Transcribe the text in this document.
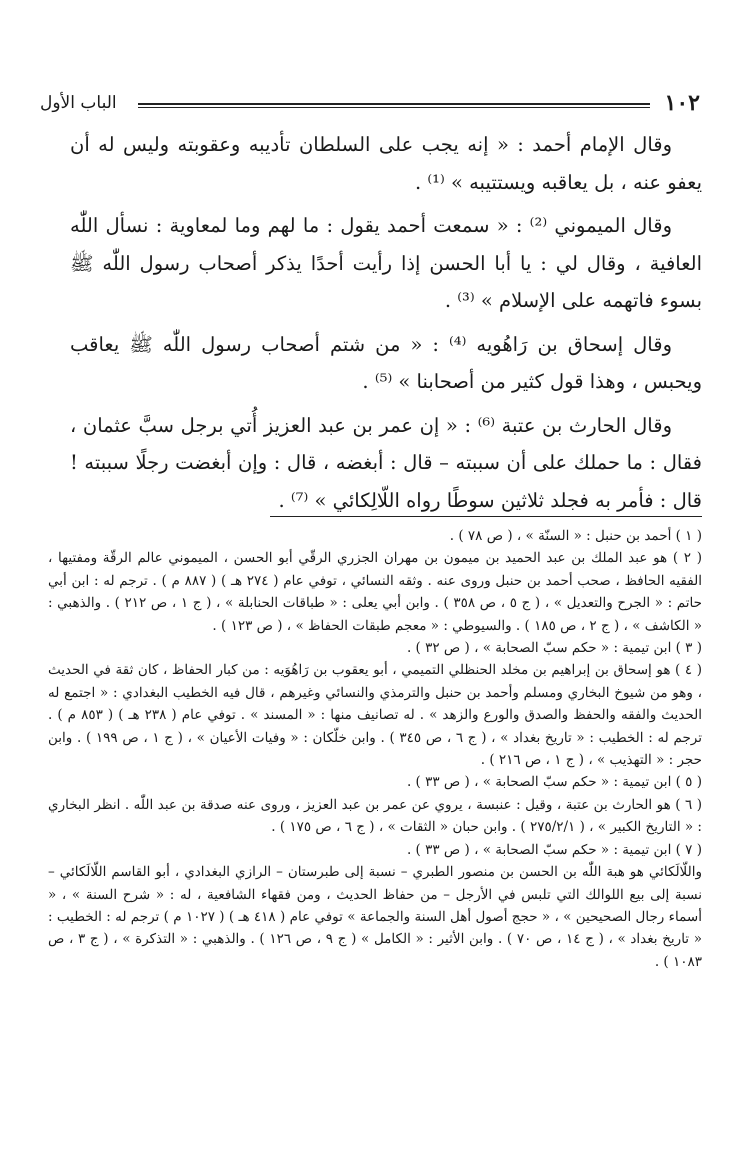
١٠٢
الباب الأول

وقال الإمام أحمد : « إنه يجب على السلطان تأديبه وعقوبته وليس له أن يعفو عنه ، بل يعاقبه ويستتيبه » ⁽¹⁾ .

وقال الميموني ⁽²⁾ : « سمعت أحمد يقول : ما لهم وما لمعاوية : نسأل اللّٰه العافية ، وقال لي : يا أبا الحسن إذا رأيت أحدًا يذكر أصحاب رسول اللّٰه ﷺ بسوء فاتهمه على الإسلام » ⁽³⁾ .

وقال إسحاق بن رَاهُويه ⁽⁴⁾ : « من شتم أصحاب رسول اللّٰه ﷺ يعاقب ويحبس ، وهذا قول كثير من أصحابنا » ⁽⁵⁾ .

وقال الحارث بن عتبة ⁽⁶⁾ : « إن عمر بن عبد العزيز أُتي برجل سبَّ عثمان ، فقال : ما حملك على أن سببته – قال : أبغضه ، قال : وإن أبغضت رجلًا سببته ! قال : فأمر به فجلد ثلاثين سوطًا رواه اللّالِكائي » ⁽⁷⁾ .

( ١ ) أحمد بن حنبل : « السنّة » ، ( ص ٧٨ ) .

( ٢ ) هو عبد الملك بن عبد الحميد بن ميمون بن مهران الجزري الرقّي أبو الحسن ، الميموني عالم الرقّة ومفتيها ، الفقيه الحافظ ، صحب أحمد بن حنبل وروى عنه . وثقه النسائي ، توفي عام ( ٢٧٤ هـ ) ( ٨٨٧ م ) . ترجم له : ابن أبي حاتم : « الجرح والتعديل » ، ( ج ٥ ، ص ٣٥٨ ) . وابن أبي يعلى : « طباقات الحنابلة » ، ( ج ١ ، ص ٢١٢ ) . والذهبي : « الكاشف » ، ( ج ٢ ، ص ١٨٥ ) . والسيوطي : « معجم طبقات الحفاظ » ، ( ص ١٢٣ ) .

( ٣ ) ابن تيمية : « حكم سبّ الصحابة » ، ( ص ٣٢ ) .

( ٤ ) هو إسحاق بن إبراهيم بن مخلد الحنظلي التميمي ، أبو يعقوب بن رَاهُوَيه : من كبار الحفاظ ، كان ثقة في الحديث ، وهو من شيوخ البخاري ومسلم وأحمد بن حنبل والترمذي والنسائي وغيرهم ، قال فيه الخطيب البغدادي : « اجتمع له الحديث والفقه والحفظ والصدق والورع والزهد » . له تصانيف منها : « المسند » . توفي عام ( ٢٣٨ هـ ) ( ٨٥٣ م ) . ترجم له : الخطيب : « تاريخ بغداد » ، ( ج ٦ ، ص ٣٤٥ ) . وابن خلّكان : « وفيات الأعيان » ، ( ج ١ ، ص ١٩٩ ) . وابن حجر : « التهذيب » ، ( ج ١ ، ص ٢١٦ ) .

( ٥ ) ابن تيمية : « حكم سبّ الصحابة » ، ( ص ٣٣ ) .

( ٦ ) هو الحارث بن عتبة ، وقيل : عنبسة ، يروي عن عمر بن عبد العزيز ، وروى عنه صدقة بن عبد اللّٰه . انظر البخاري : « التاريخ الكبير » ، ( ٢٧٥/٢/١ ) . وابن حبان « الثقات » ، ( ج ٦ ، ص ١٧٥ ) .

( ٧ ) ابن تيمية : « حكم سبّ الصحابة » ، ( ص ٣٣ ) .

واللّالَكائي هو هبة اللّٰه بن الحسن بن منصور الطبري – نسبة إلى طبرستان – الرازي البغدادي ، أبو القاسم اللّالَكائي – نسبة إلى بيع اللوالك التي تلبس في الأرجل – من حفاظ الحديث ، ومن فقهاء الشافعية ، له : « شرح السنة » ، « أسماء رجال الصحيحين » ، « حجج أصول أهل السنة والجماعة » توفي عام ( ٤١٨ هـ ) ( ١٠٢٧ م ) ترجم له : الخطيب : « تاريخ بغداد » ، ( ج ١٤ ، ص ٧٠ ) . وابن الأثير : « الكامل » ( ج ٩ ، ص ١٢٦ ) . والذهبي : « التذكرة » ، ( ج ٣ ، ص ١٠٨٣ ) .
